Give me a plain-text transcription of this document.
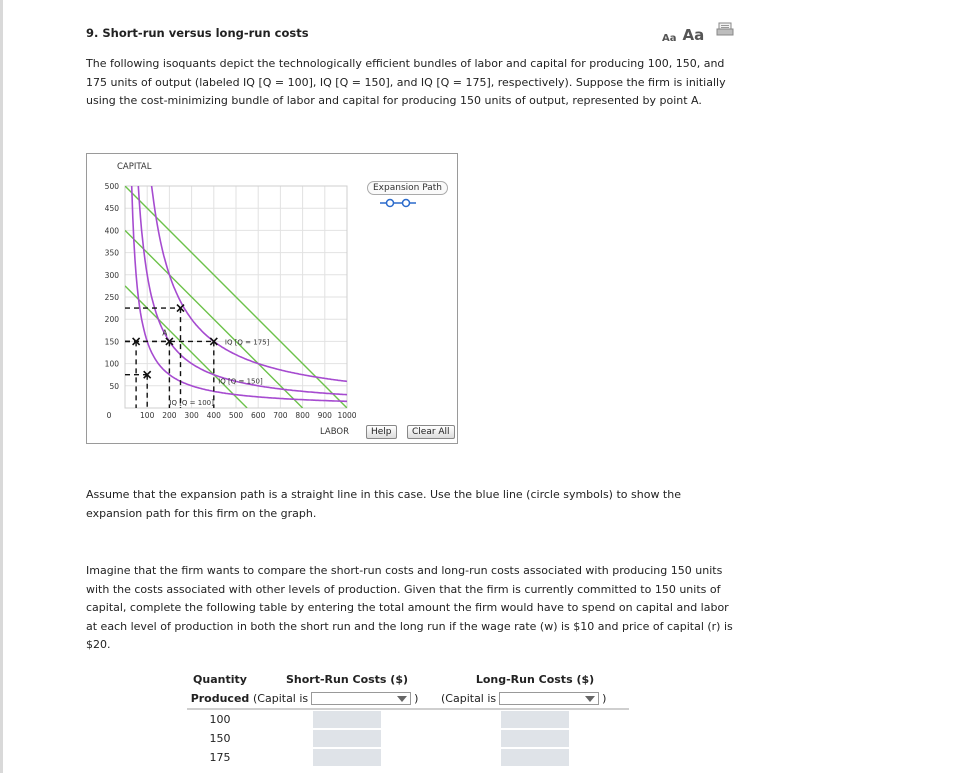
9. Short-run versus long-run costs	Aa Aa
The following isoquants depict the technologically efficient bundles of labor and capital for producing 100, 150, and 175 units of output (labeled IQ [Q = 100], IQ [Q = 150], and IQ [Q = 175], respectively). Suppose the firm is initially using the cost-minimizing bundle of labor and capital for producing 150 units of output, represented by point A.
0	100 200 300 400 500 600 700 800 900 1000
50
100
150
200
250
300
350
400
450
500
CAPITAL
LABOR
IQ [Q = 100]
IQ [Q = 150]
IQ [Q = 175]
A
Expansion Path
Help	Clear All
Assume that the expansion path is a straight line in this case. Use the blue line (circle symbols) to show the expansion path for this firm on the graph.
Imagine that the firm wants to compare the short-run costs and long-run costs associated with producing 150 units with the costs associated with other levels of production. Given that the firm is currently committed to 150 units of capital, complete the following table by entering the total amount the firm would have to spend on capital and labor at each level of production in both the short run and the long run if the wage rate (w) is $10 and price of capital (r) is $20.
Quantity	Short-Run Costs ($)	Long-Run Costs ($)
Produced	(Capital is )	(Capital is )

100	

150	

175	
